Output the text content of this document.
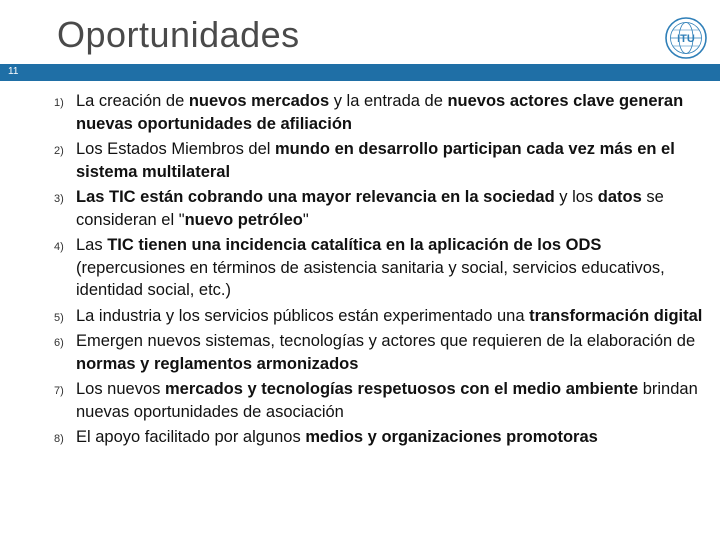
Oportunidades	ITU
11
1) La creación de nuevos mercados y la entrada de nuevos actores clave generan nuevas oportunidades de afiliación
2) Los Estados Miembros del mundo en desarrollo participan cada vez más en el sistema multilateral
3) Las TIC están cobrando una mayor relevancia en la sociedad y los datos se consideran el "nuevo petróleo"
4) Las TIC tienen una incidencia catalítica en la aplicación de los ODS (repercusiones en términos de asistencia sanitaria y social, servicios educativos, identidad social, etc.)
5) La industria y los servicios públicos están experimentado una transformación digital
6) Emergen nuevos sistemas, tecnologías y actores que requieren de la elaboración de normas y reglamentos armonizados
7) Los nuevos mercados y tecnologías respetuosos con el medio ambiente brindan nuevas oportunidades de asociación
8) El apoyo facilitado por algunos medios y organizaciones promotoras
